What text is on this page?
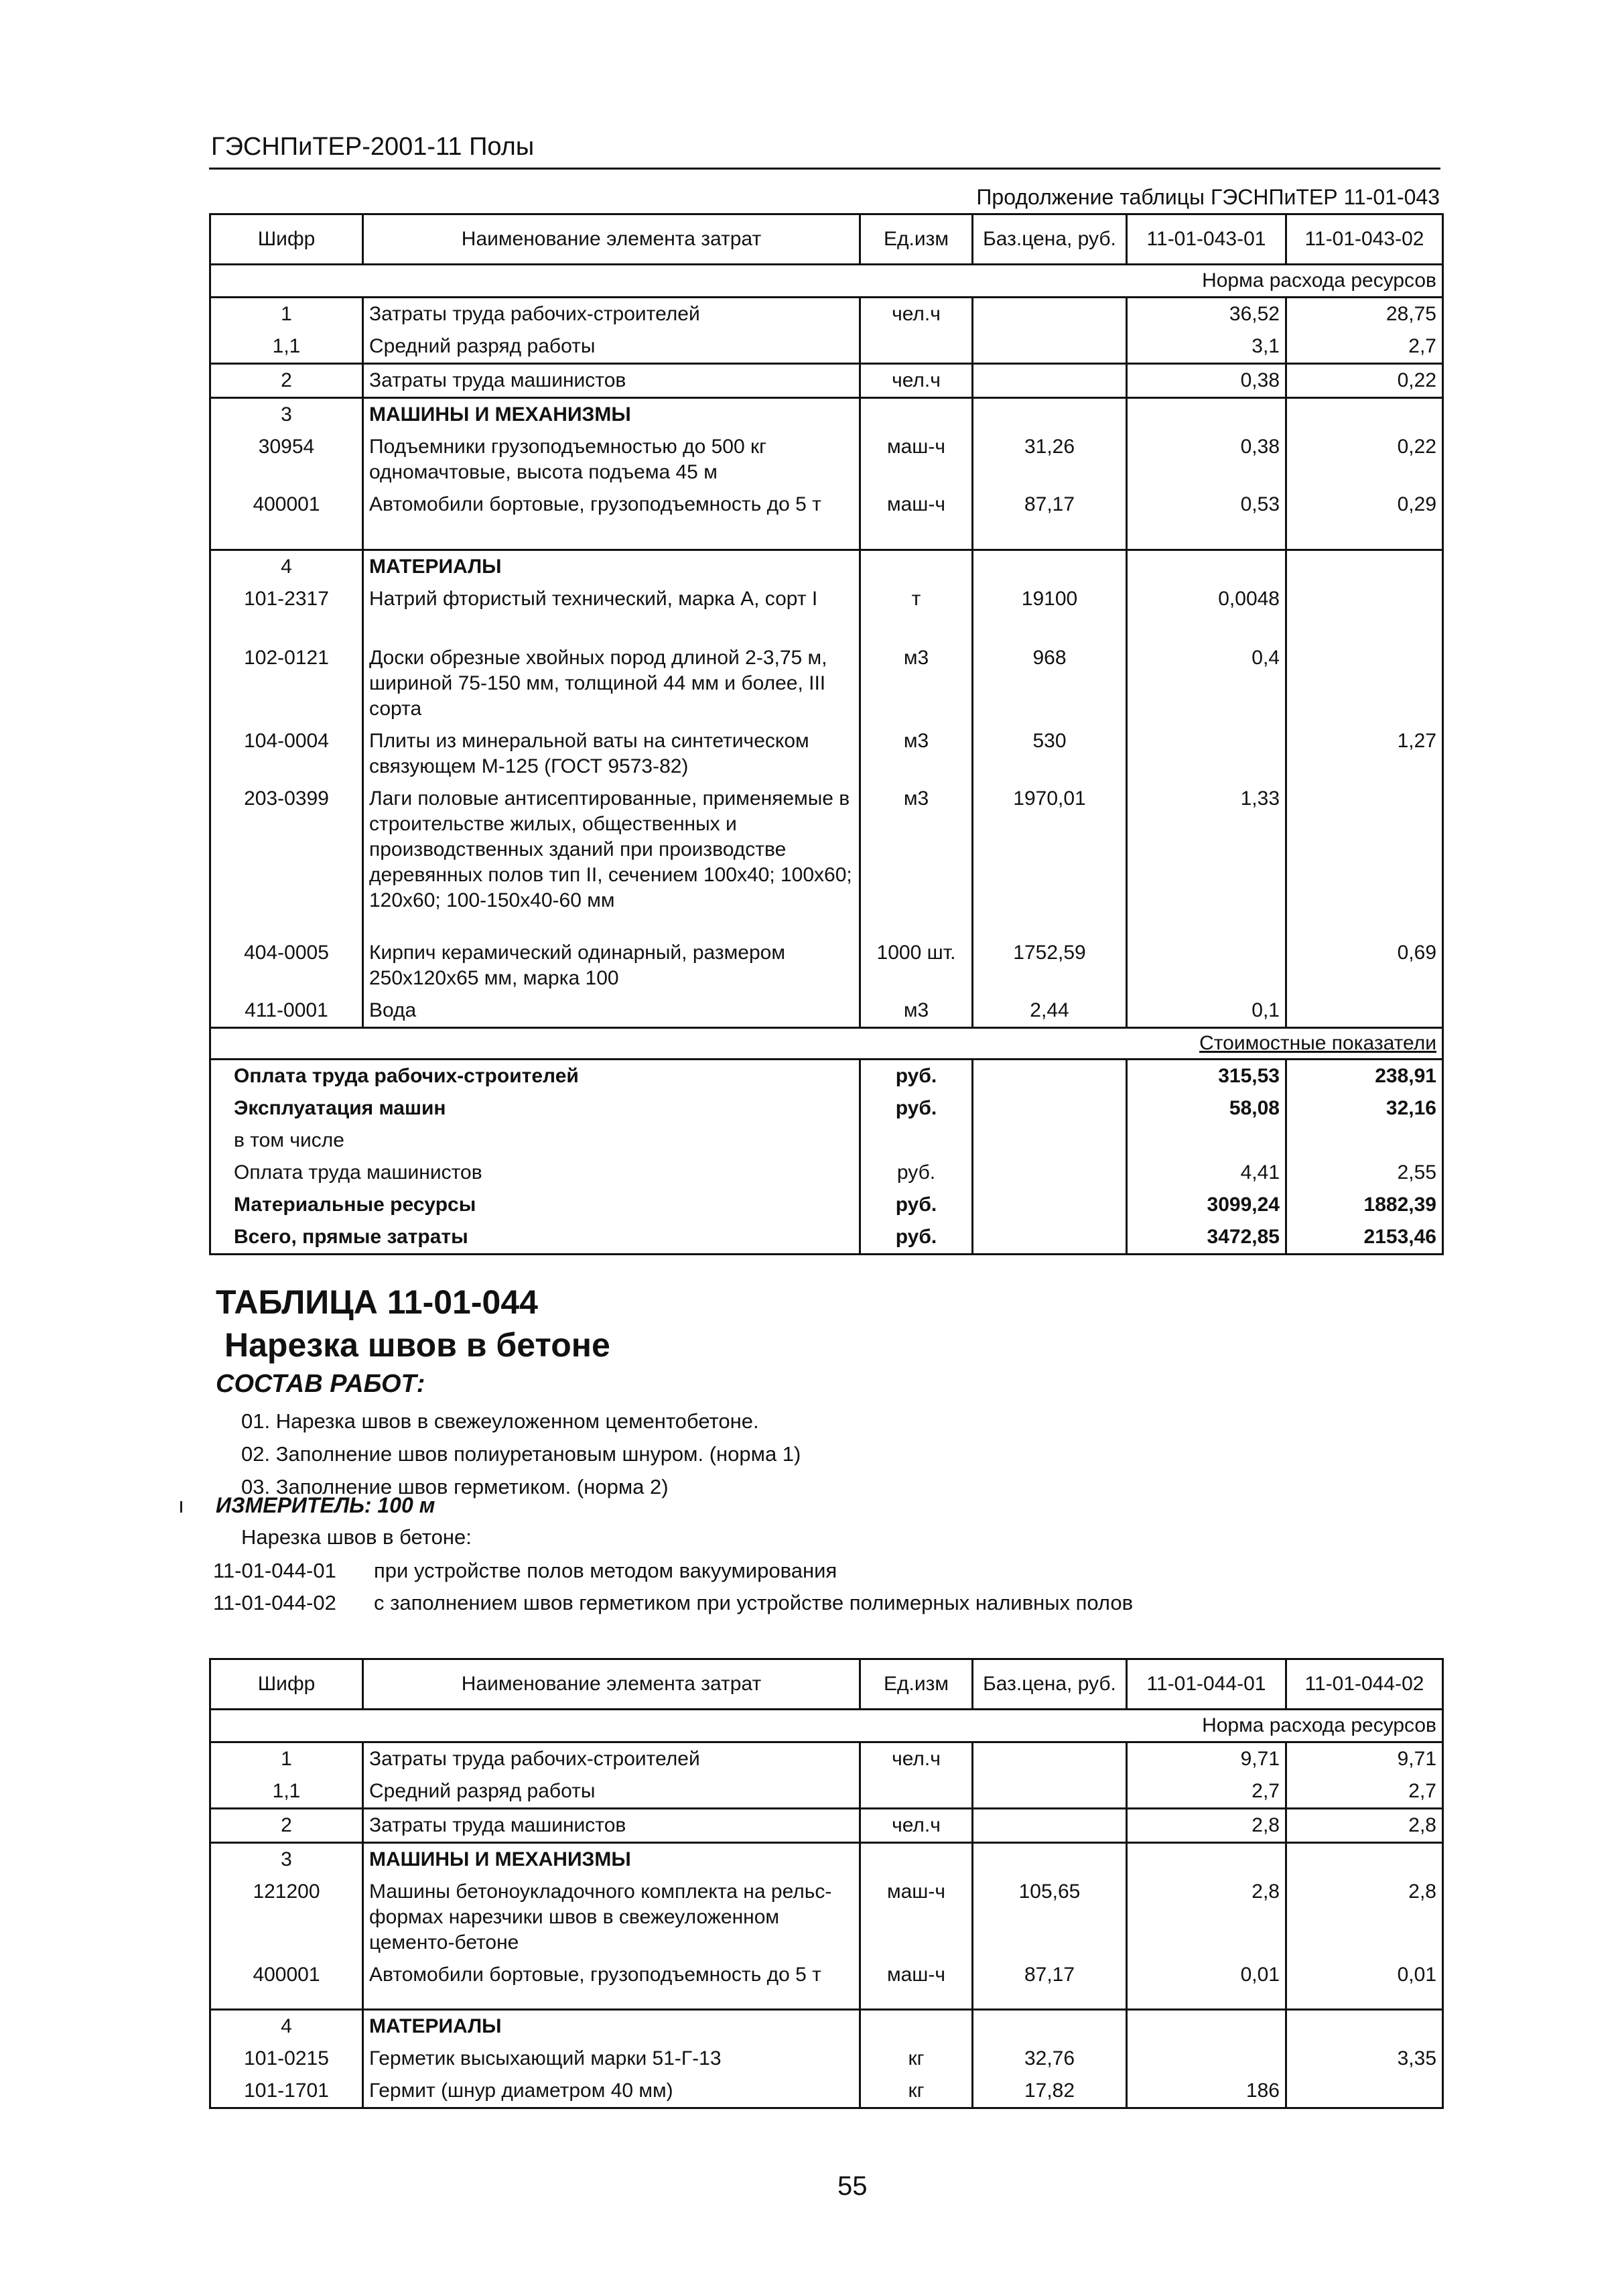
ГЭСНПиТЕР-2001-11 Полы
Продолжение таблицы ГЭСНПиТЕР 11-01-043
Шифр	Наименование элемента затрат	Ед.изм	Баз.цена, руб.	11-01-043-01	11-01-043-02
Норма расхода ресурсов					
1	Затраты труда рабочих-строителей	чел.ч		36,52	28,75
1,1	Средний разряд работы			3,1	2,7
2	Затраты труда машинистов	чел.ч		0,38	0,22
3	МАШИНЫ И МЕХАНИЗМЫ				
30954	Подъемники грузоподъемностью до 500 кг одномачтовые, высота подъема 45 м	маш-ч	31,26	0,38	0,22
400001	Автомобили бортовые, грузоподъемность до 5 т	маш-ч	87,17	0,53	0,29
4	МАТЕРИАЛЫ				
101-2317	Натрий фтористый технический, марка А, сорт I	т	19100	0,0048	
102-0121	Доски обрезные хвойных пород длиной 2-3,75 м, шириной 75-150 мм, толщиной 44 мм и более, III сорта	м3	968	0,4	
104-0004	Плиты из минеральной ваты на синтетическом связующем М-125 (ГОСТ 9573-82)	м3	530		1,27
203-0399	Лаги половые антисептированные, применяемые в строительстве жилых, общественных и производственных зданий при производстве деревянных полов тип II, сечением 100х40; 100х60; 120х60; 100-150х40-60 мм	м3	1970,01	1,33	
404-0005	Кирпич керамический одинарный, размером 250х120х65 мм, марка 100	1000 шт.	1752,59		0,69
411-0001	Вода	м3	2,44	0,1	
Стоимостные показатели					
Оплата труда рабочих-строителей		руб.		315,53	238,91
Эксплуатация машин		руб.		58,08	32,16
в том числе					
Оплата труда машинистов		руб.		4,41	2,55
Материальные ресурсы		руб.		3099,24	1882,39
Всего, прямые затраты		руб.		3472,85	2153,46
ТАБЛИЦА 11-01-044
Нарезка швов в бетоне
СОСТАВ РАБОТ:
01. Нарезка швов в свежеуложенном цементобетоне.
02. Заполнение швов полиуретановым шнуром. (норма 1)
03. Заполнение швов герметиком. (норма 2)
ı ИЗМЕРИТЕЛЬ: 100 м
Нарезка швов в бетоне:
11-01-044-01 при устройстве полов методом вакуумирования
11-01-044-02 с заполнением швов герметиком при устройстве полимерных наливных полов
Шифр	Наименование элемента затрат	Ед.изм	Баз.цена, руб.	11-01-044-01	11-01-044-02
Норма расхода ресурсов					
1	Затраты труда рабочих-строителей	чел.ч		9,71	9,71
1,1	Средний разряд работы			2,7	2,7
2	Затраты труда машинистов	чел.ч		2,8	2,8
3	МАШИНЫ И МЕХАНИЗМЫ				
121200	Машины бетоноукладочного комплекта на рельс-формах нарезчики швов в свежеуложенном цементо-бетоне	маш-ч	105,65	2,8	2,8
400001	Автомобили бортовые, грузоподъемность до 5 т	маш-ч	87,17	0,01	0,01
4	МАТЕРИАЛЫ				
101-0215	Герметик высыхающий марки 51-Г-13	кг	32,76		3,35
101-1701	Гермит (шнур диаметром 40 мм)	кг	17,82	186	
55
